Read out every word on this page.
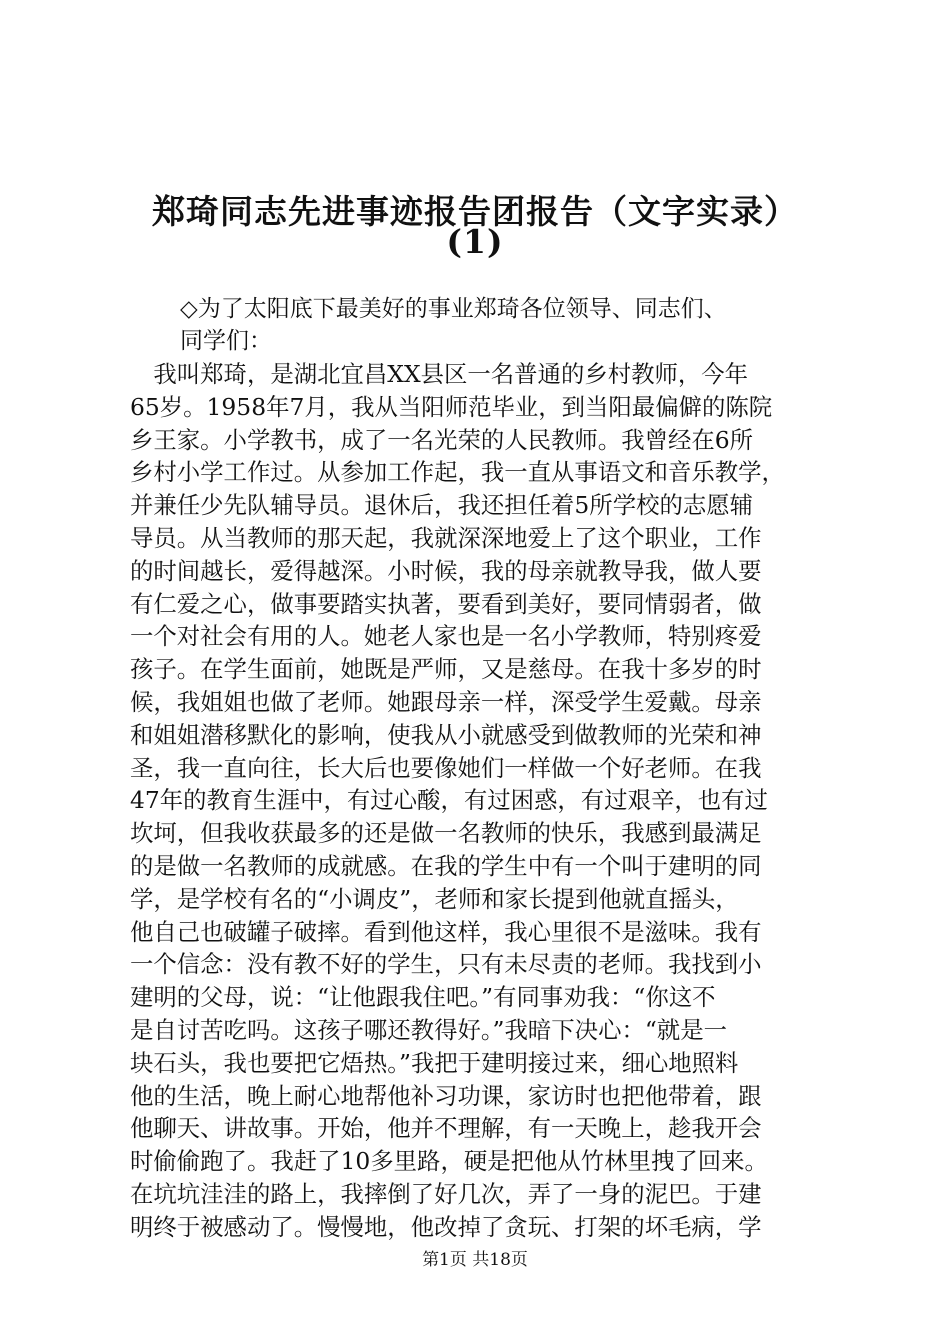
郑琦同志先进事迹报告团报告（文字实录）
(1)

◇为了太阳底下最美好的事业郑琦各位领导、同志们、

同学们：

　我叫郑琦，是湖北宜昌XX县区一名普通的乡村教师，今年
65岁。1958年7月，我从当阳师范毕业，到当阳最偏僻的陈院
乡王家。小学教书，成了一名光荣的人民教师。我曾经在6所
乡村小学工作过。从参加工作起，我一直从事语文和音乐教学，
并兼任少先队辅导员。退休后，我还担任着5所学校的志愿辅
导员。从当教师的那天起，我就深深地爱上了这个职业，工作
的时间越长，爱得越深。小时候，我的母亲就教导我，做人要
有仁爱之心，做事要踏实执著，要看到美好，要同情弱者，做
一个对社会有用的人。她老人家也是一名小学教师，特别疼爱
孩子。在学生面前，她既是严师，又是慈母。在我十多岁的时
候，我姐姐也做了老师。她跟母亲一样，深受学生爱戴。母亲
和姐姐潜移默化的影响，使我从小就感受到做教师的光荣和神
圣，我一直向往，长大后也要像她们一样做一个好老师。在我
47年的教育生涯中，有过心酸，有过困惑，有过艰辛，也有过
坎坷，但我收获最多的还是做一名教师的快乐，我感到最满足
的是做一名教师的成就感。在我的学生中有一个叫于建明的同
学，是学校有名的“小调皮”，老师和家长提到他就直摇头，
他自己也破罐子破摔。看到他这样，我心里很不是滋味。我有
一个信念：没有教不好的学生，只有未尽责的老师。我找到小
建明的父母，说：“让他跟我住吧。”有同事劝我：“你这不
是自讨苦吃吗。这孩子哪还教得好。”我暗下决心：“就是一
块石头，我也要把它焐热。”我把于建明接过来，细心地照料
他的生活，晚上耐心地帮他补习功课，家访时也把他带着，跟
他聊天、讲故事。开始，他并不理解，有一天晚上，趁我开会
时偷偷跑了。我赶了10多里路，硬是把他从竹林里拽了回来。
在坑坑洼洼的路上，我摔倒了好几次，弄了一身的泥巴。于建
明终于被感动了。慢慢地，他改掉了贪玩、打架的坏毛病，学
第1页 共18页
